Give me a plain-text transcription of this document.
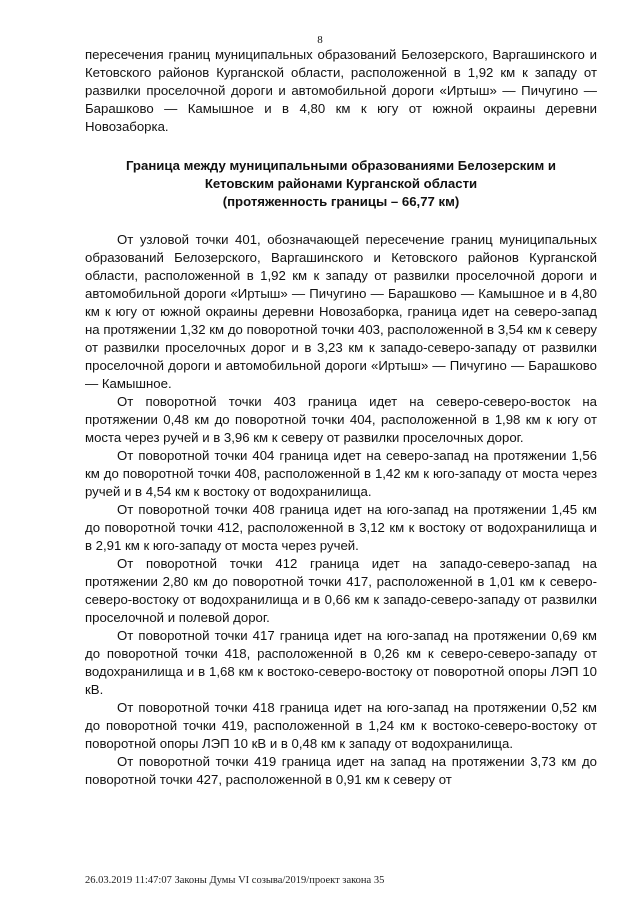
8

пересечения границ муниципальных образований Белозерского, Варгашинского и Кетовского районов Курганской области, расположенной в 1,92 км к западу от развилки проселочной дороги и автомобильной дороги «Иртыш» — Пичугино — Барашково — Камышное и в 4,80 км к югу от южной окраины деревни Новозаборка.

Граница между муниципальными образованиями Белозерским и
Кетовским районами Курганской области
(протяженность границы – 66,77 км)

От узловой точки 401, обозначающей пересечение границ муниципальных образований Белозерского, Варгашинского и Кетовского районов Курганской области, расположенной в 1,92 км к западу от развилки проселочной дороги и автомобильной дороги «Иртыш» — Пичугино — Барашково — Камышное и в 4,80 км к югу от южной окраины деревни Новозаборка, граница идет на северо-запад на протяжении 1,32 км до поворотной точки 403, расположенной в 3,54 км к северу от развилки проселочных дорог и в 3,23 км к западо-северо-западу от развилки проселочной дороги и автомобильной дороги «Иртыш» — Пичугино — Барашково — Камышное.

От поворотной точки 403 граница идет на северо-северо-восток на протяжении 0,48 км до поворотной точки 404, расположенной в 1,98 км к югу от моста через ручей и в 3,96 км к северу от развилки проселочных дорог.

От поворотной точки 404 граница идет на северо-запад на протяжении 1,56 км до поворотной точки 408, расположенной в 1,42 км к юго-западу от моста через ручей и в 4,54 км к востоку от водохранилища.

От поворотной точки 408 граница идет на юго-запад на протяжении 1,45 км до поворотной точки 412, расположенной в 3,12 км к востоку от водохранилища и в 2,91 км к юго-западу от моста через ручей.

От поворотной точки 412 граница идет на западо-северо-запад на протяжении 2,80 км до поворотной точки 417, расположенной в 1,01 км к северо-северо-востоку от водохранилища и в 0,66 км к западо-северо-западу от развилки проселочной и полевой дорог.

От поворотной точки 417 граница идет на юго-запад на протяжении 0,69 км до поворотной точки 418, расположенной в 0,26 км к северо-северо-западу от водохранилища и в 1,68 км к востоко-северо-востоку от поворотной опоры ЛЭП 10 кВ.

От поворотной точки 418 граница идет на юго-запад на протяжении 0,52 км до поворотной точки 419, расположенной в 1,24 км к востоко-северо-востоку от поворотной опоры ЛЭП 10 кВ и в 0,48 км к западу от водохранилища.

От поворотной точки 419 граница идет на запад на протяжении 3,73 км до поворотной точки 427, расположенной в 0,91 км к северу от

26.03.2019 11:47:07 Законы Думы VI созыва/2019/проект закона 35
